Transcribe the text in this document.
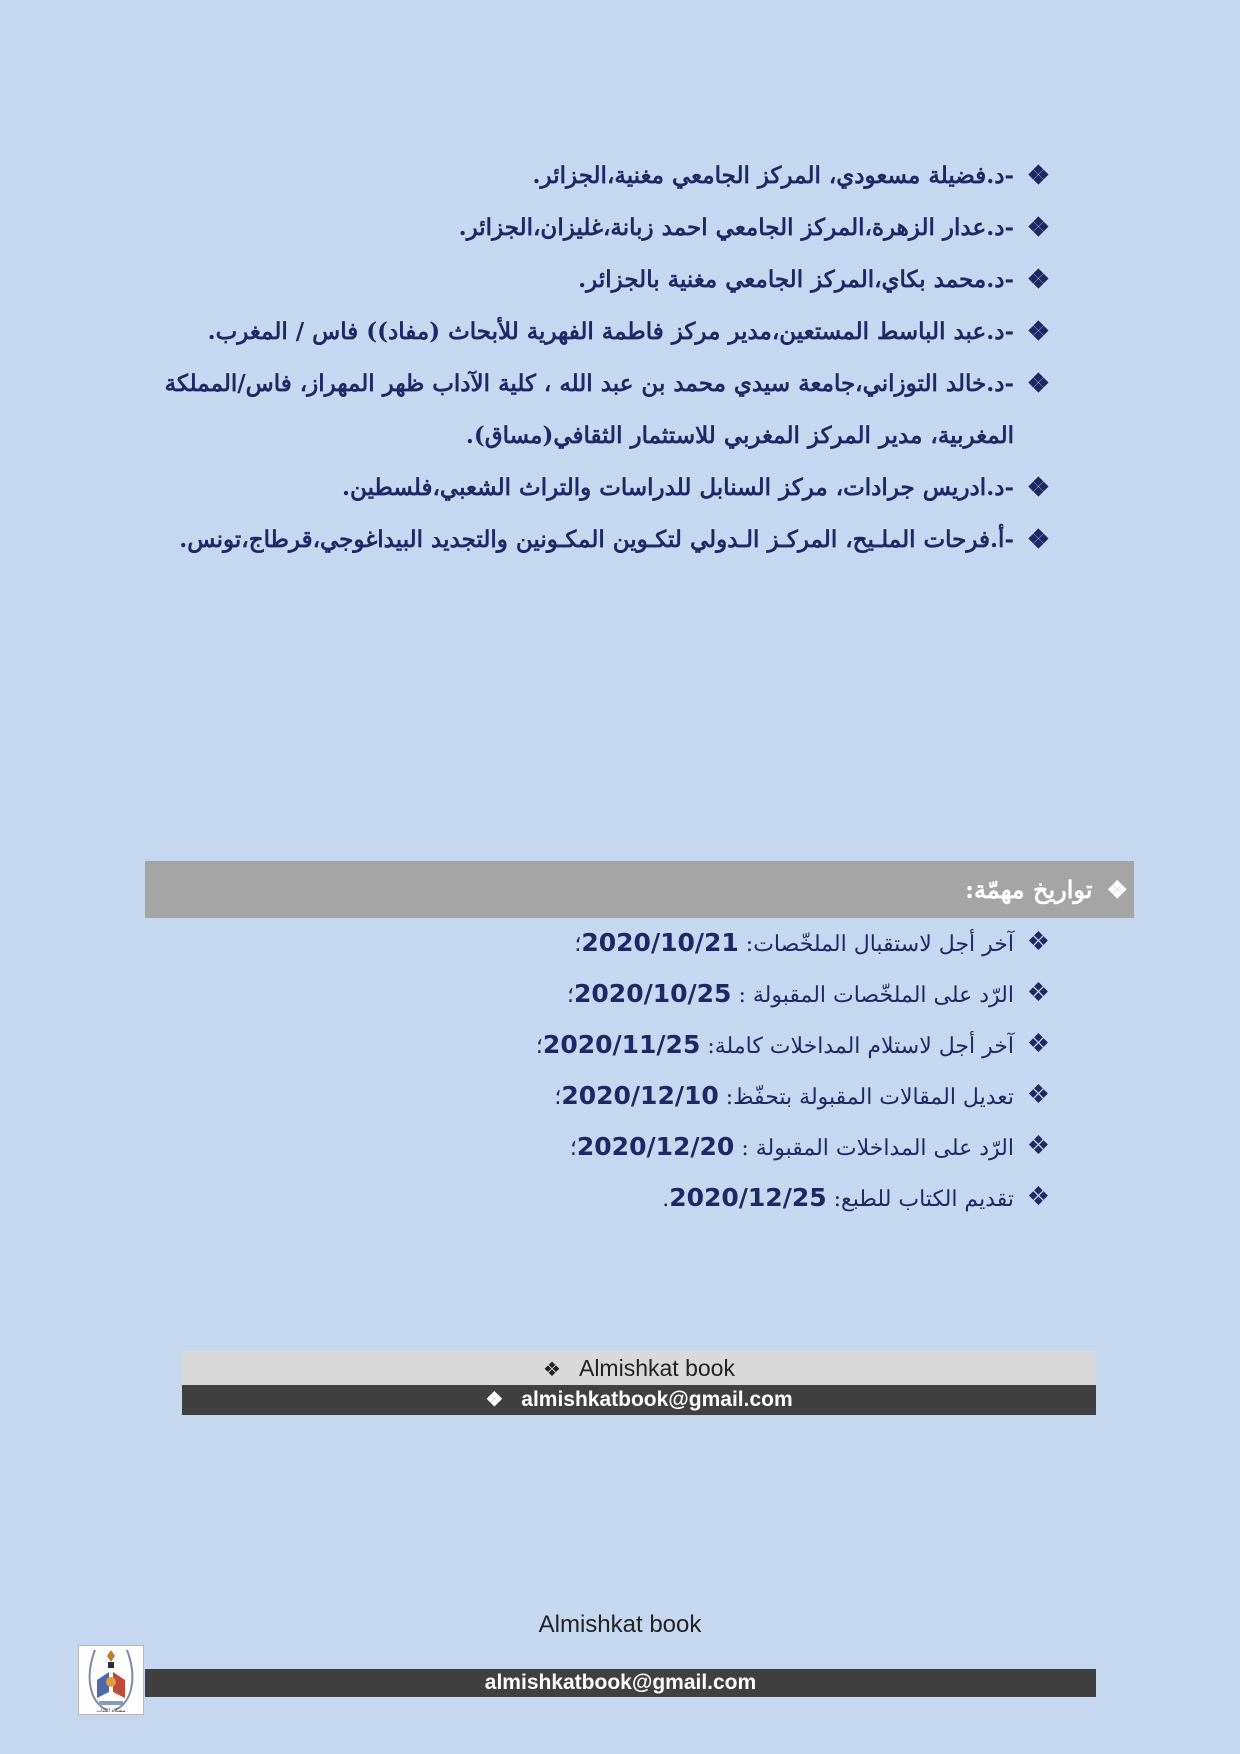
❖
-د.فضيلة مسعودي، المركز الجامعي مغنية،الجزائر.
❖
-د.عدار الزهرة،المركز الجامعي احمد زبانة،غليزان،الجزائر.
❖
-د.محمد بكاي،المركز الجامعي مغنية بالجزائر.
❖
-د.عبد الباسط المستعين،مدير مركز فاطمة الفهرية للأبحاث (مفاد)) فاس / المغرب.
❖
-د.خالد التوزاني،جامعة سيدي محمد بن عبد الله ، كلية الآداب ظهر المهراز، فاس/المملكة المغربية، مدير المركز المغربي للاستثمار الثقافي(مساق).
❖
-د.ادريس جرادات، مركز السنابل للدراسات والتراث الشعبي،فلسطين.
❖
-أ.فرحات الملـيح، المركـز الـدولي لتكـوين المكـونين والتجديد البيداغوجي،قرطاج،تونس.
❖
تواريخ مهمّة:
❖
آخر أجل لاستقبال الملخّصات: 2020/10/21؛
❖
الرّد على الملخّصات المقبولة : 2020/10/25؛
❖
آخر أجل لاستلام المداخلات كاملة: 2020/11/25؛
❖
تعديل المقالات المقبولة بتحفّظ: 2020/12/10؛
❖
الرّد على المداخلات المقبولة : 2020/12/20؛
❖
تقديم الكتاب للطبع: 2020/12/25.
❖ Almishkat book
❖ almishkatbook@gmail.com
Almishkat book
almishkatbook@gmail.com
مشكاة الكتاب
